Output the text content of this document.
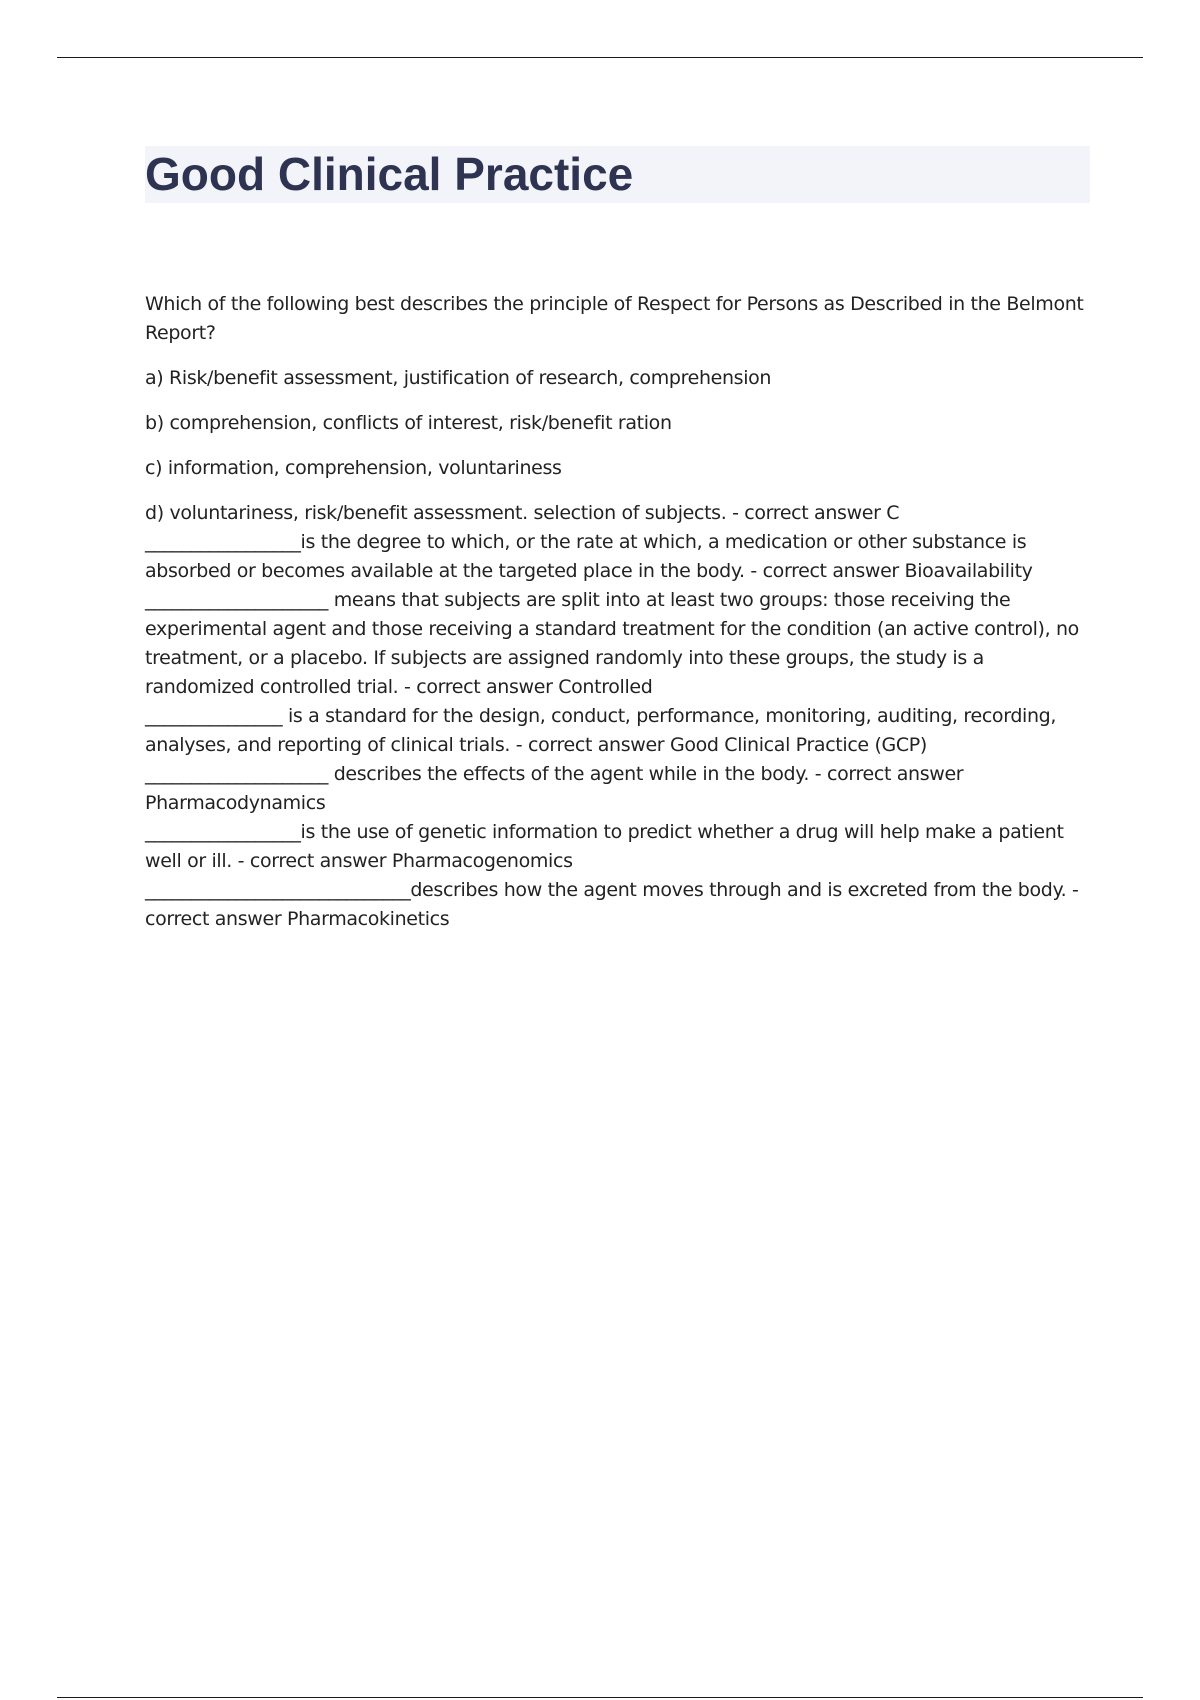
Good Clinical Practice

Which of the following best describes the principle of Respect for Persons as Described in the Belmont Report?

a) Risk/benefit assessment, justification of research, comprehension

b) comprehension, conflicts of interest, risk/benefit ration

c) information, comprehension, voluntariness

d) voluntariness, risk/benefit assessment. selection of subjects. - correct answer C

_________________is the degree to which, or the rate at which, a medication or other substance is absorbed or becomes available at the targeted place in the body. - correct answer Bioavailability

____________________ means that subjects are split into at least two groups: those receiving the experimental agent and those receiving a standard treatment for the condition (an active control), no treatment, or a placebo. If subjects are assigned randomly into these groups, the study is a randomized controlled trial. - correct answer Controlled

_______________ is a standard for the design, conduct, performance, monitoring, auditing, recording, analyses, and reporting of clinical trials. - correct answer Good Clinical Practice (GCP)

____________________ describes the effects of the agent while in the body. - correct answer Pharmacodynamics

_________________is the use of genetic information to predict whether a drug will help make a patient well or ill. - correct answer Pharmacogenomics

_____________________________describes how the agent moves through and is excreted from the body. - correct answer Pharmacokinetics
